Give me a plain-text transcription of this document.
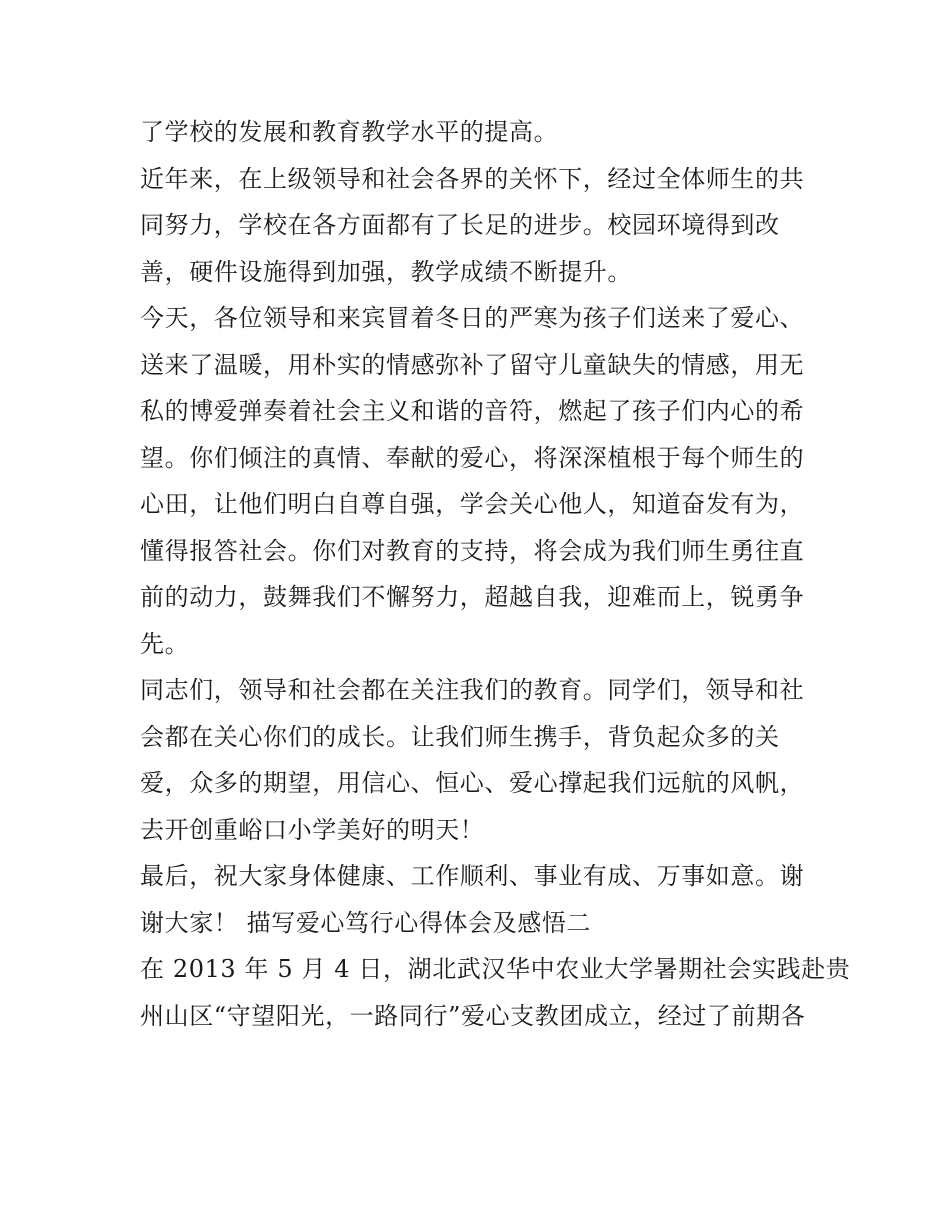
了学校的发展和教育教学水平的提高。
近年来，在上级领导和社会各界的关怀下，经过全体师生的共
同努力，学校在各方面都有了长足的进步。校园环境得到改
善，硬件设施得到加强，教学成绩不断提升。
今天，各位领导和来宾冒着冬日的严寒为孩子们送来了爱心、
送来了温暖，用朴实的情感弥补了留守儿童缺失的情感，用无
私的博爱弹奏着社会主义和谐的音符，燃起了孩子们内心的希
望。你们倾注的真情、奉献的爱心，将深深植根于每个师生的
心田，让他们明白自尊自强，学会关心他人，知道奋发有为，
懂得报答社会。你们对教育的支持，将会成为我们师生勇往直
前的动力，鼓舞我们不懈努力，超越自我，迎难而上，锐勇争
先。
同志们，领导和社会都在关注我们的教育。同学们，领导和社
会都在关心你们的成长。让我们师生携手，背负起众多的关
爱，众多的期望，用信心、恒心、爱心撑起我们远航的风帆，
去开创重峪口小学美好的明天！
最后，祝大家身体健康、工作顺利、事业有成、万事如意。谢
谢大家！ 描写爱心笃行心得体会及感悟二
在 2013 年 5 月 4 日，湖北武汉华中农业大学暑期社会实践赴贵
州山区“守望阳光，一路同行”爱心支教团成立，经过了前期各
